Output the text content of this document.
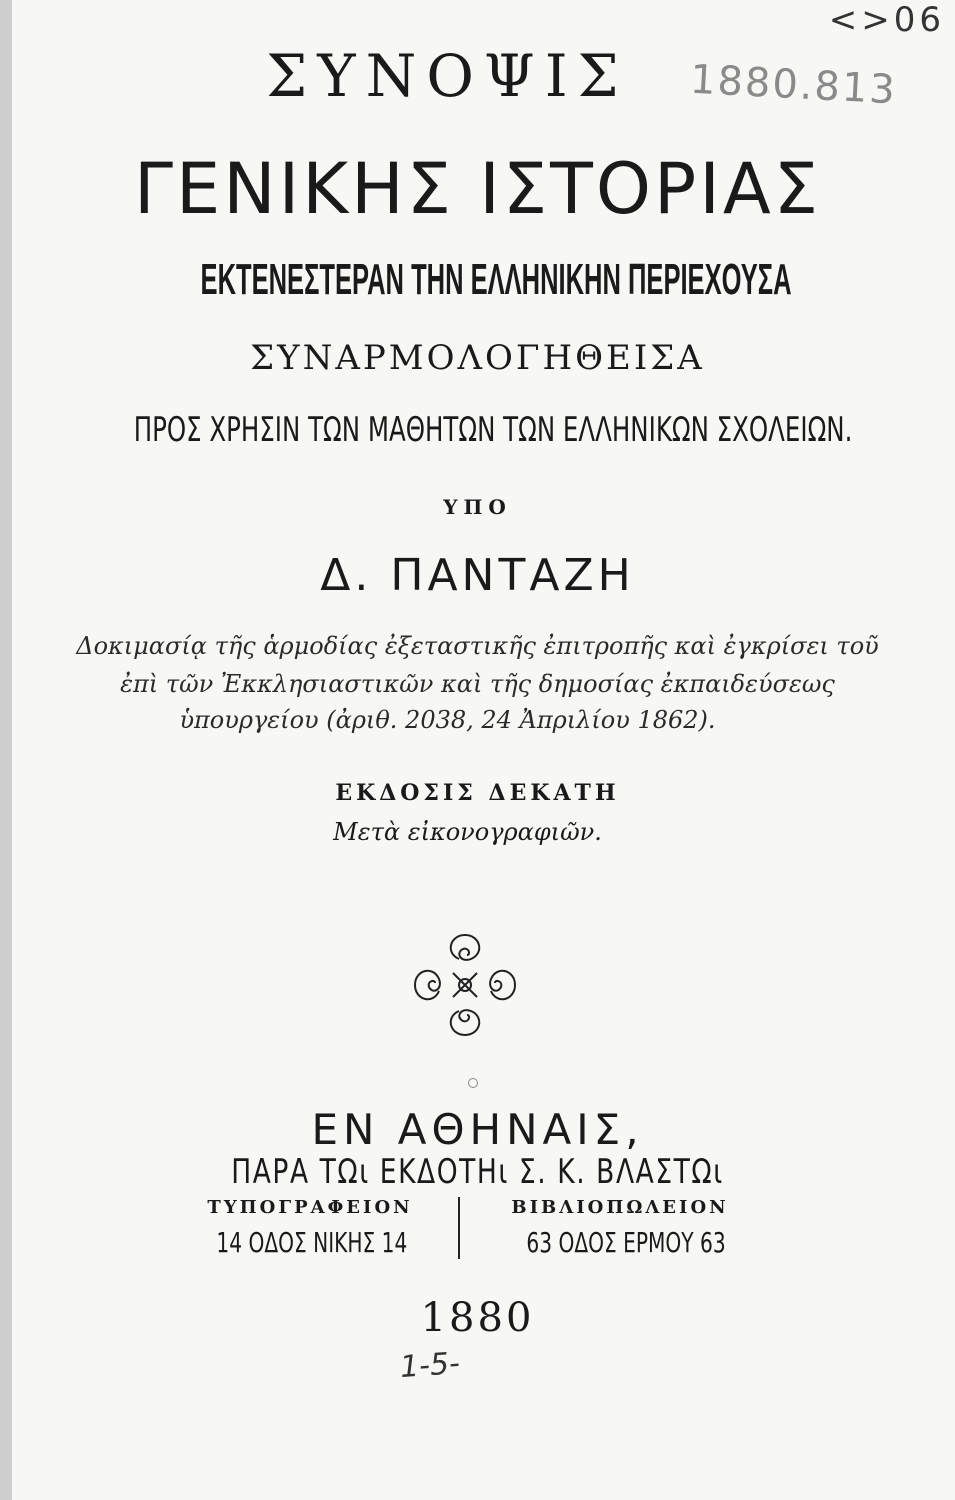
<>06
1880.813
ΣΥΝΟΨΙΣ
ΓΕΝΙΚΗΣ ΙΣΤΟΡΙΑΣ
ΕΚΤΕΝΕΣΤΕΡΑΝ ΤΗΝ ΕΛΛΗΝΙΚΗΝ ΠΕΡΙΕΧΟΥΣΑ
ΣΥΝΑΡΜΟΛΟΓΗΘΕΙΣΑ
ΠΡΟΣ ΧΡΗΣΙΝ ΤΩΝ ΜΑΘΗΤΩΝ ΤΩΝ ΕΛΛΗΝΙΚΩΝ ΣΧΟΛΕΙΩΝ.
ΥΠΟ
Δ. ΠΑΝΤΑΖΗ
Δοκιμασίᾳ τῆς ἁρμοδίας ἐξεταστικῆς ἐπιτροπῆς καὶ ἐγκρίσει τοῦ
ἐπὶ τῶν Ἐκκλησιαστικῶν καὶ τῆς δημοσίας ἐκπαιδεύσεως
ὑπουργείου (ἀριθ. 2038, 24 Ἀπριλίου 1862).
ΕΚΔΟΣΙΣ ΔΕΚΑΤΗ
Μετὰ εἰκονογραφιῶν.
ΕΝ ΑΘΗΝΑΙΣ,
ΠΑΡΑ ΤΩι ΕΚΔΟΤΗι Σ. Κ. ΒΛΑΣΤΩι
ΤΥΠΟΓΡΑΦΕΙΟΝ
14 ΟΔΟΣ ΝΙΚΗΣ 14
ΒΙΒΛΙΟΠΩΛΕΙΟΝ
63 ΟΔΟΣ ΕΡΜΟΥ 63
1880
1-5-
